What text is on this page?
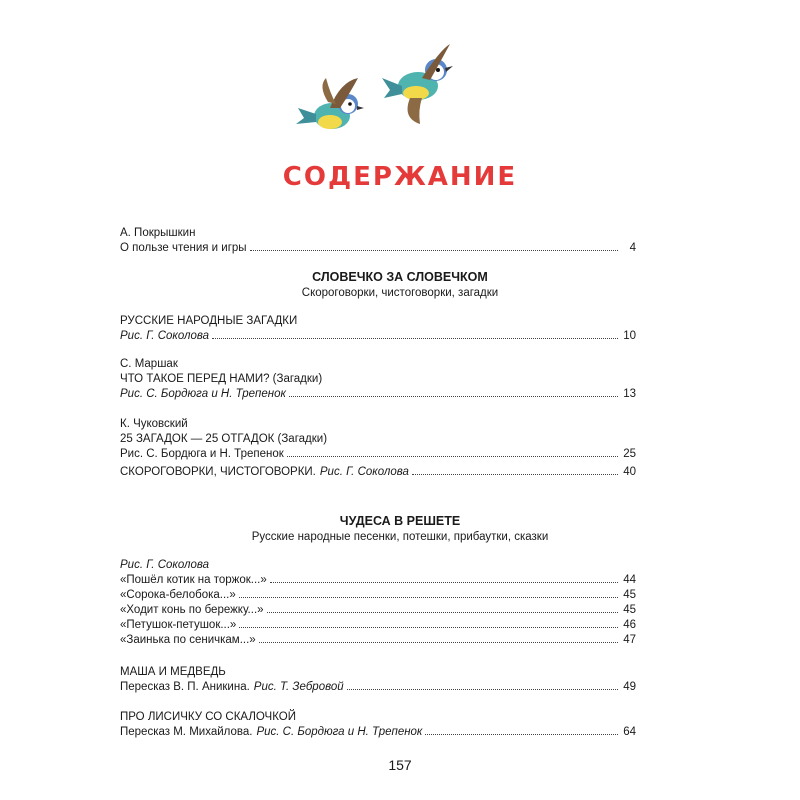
СОДЕРЖАНИЕ
А. Покрышкин
О пользе чтения и игры	4
СЛОВЕЧКО ЗА СЛОВЕЧКОМ
Скороговорки, чистоговорки, загадки
РУССКИЕ НАРОДНЫЕ ЗАГАДКИ
Рис. Г. Соколова	10
С. Маршак
ЧТО ТАКОЕ ПЕРЕД НАМИ? (Загадки)
Рис. С. Бордюга и Н. Трепенок	13
К. Чуковский
25 ЗАГАДОК — 25 ОТГАДОК (Загадки)
Рис. С. Бордюга и Н. Трепенок	25
СКОРОГОВОРКИ, ЧИСТОГОВОРКИ. Рис. Г. Соколова	40
ЧУДЕСА В РЕШЕТЕ
Русские народные песенки, потешки, прибаутки, сказки
Рис. Г. Соколова
«Пошёл котик на торжок...»	44
«Сорока-белобока...»	45
«Ходит конь по бережку...»	45
«Петушок-петушок...»	46
«Заинька по сеничкам...»	47
МАША И МЕДВЕДЬ
Пересказ В. П. Аникина. Рис. Т. Зебровой	49
ПРО ЛИСИЧКУ СО СКАЛОЧКОЙ
Пересказ М. Михайлова. Рис. С. Бордюга и Н. Трепенок	64
157
